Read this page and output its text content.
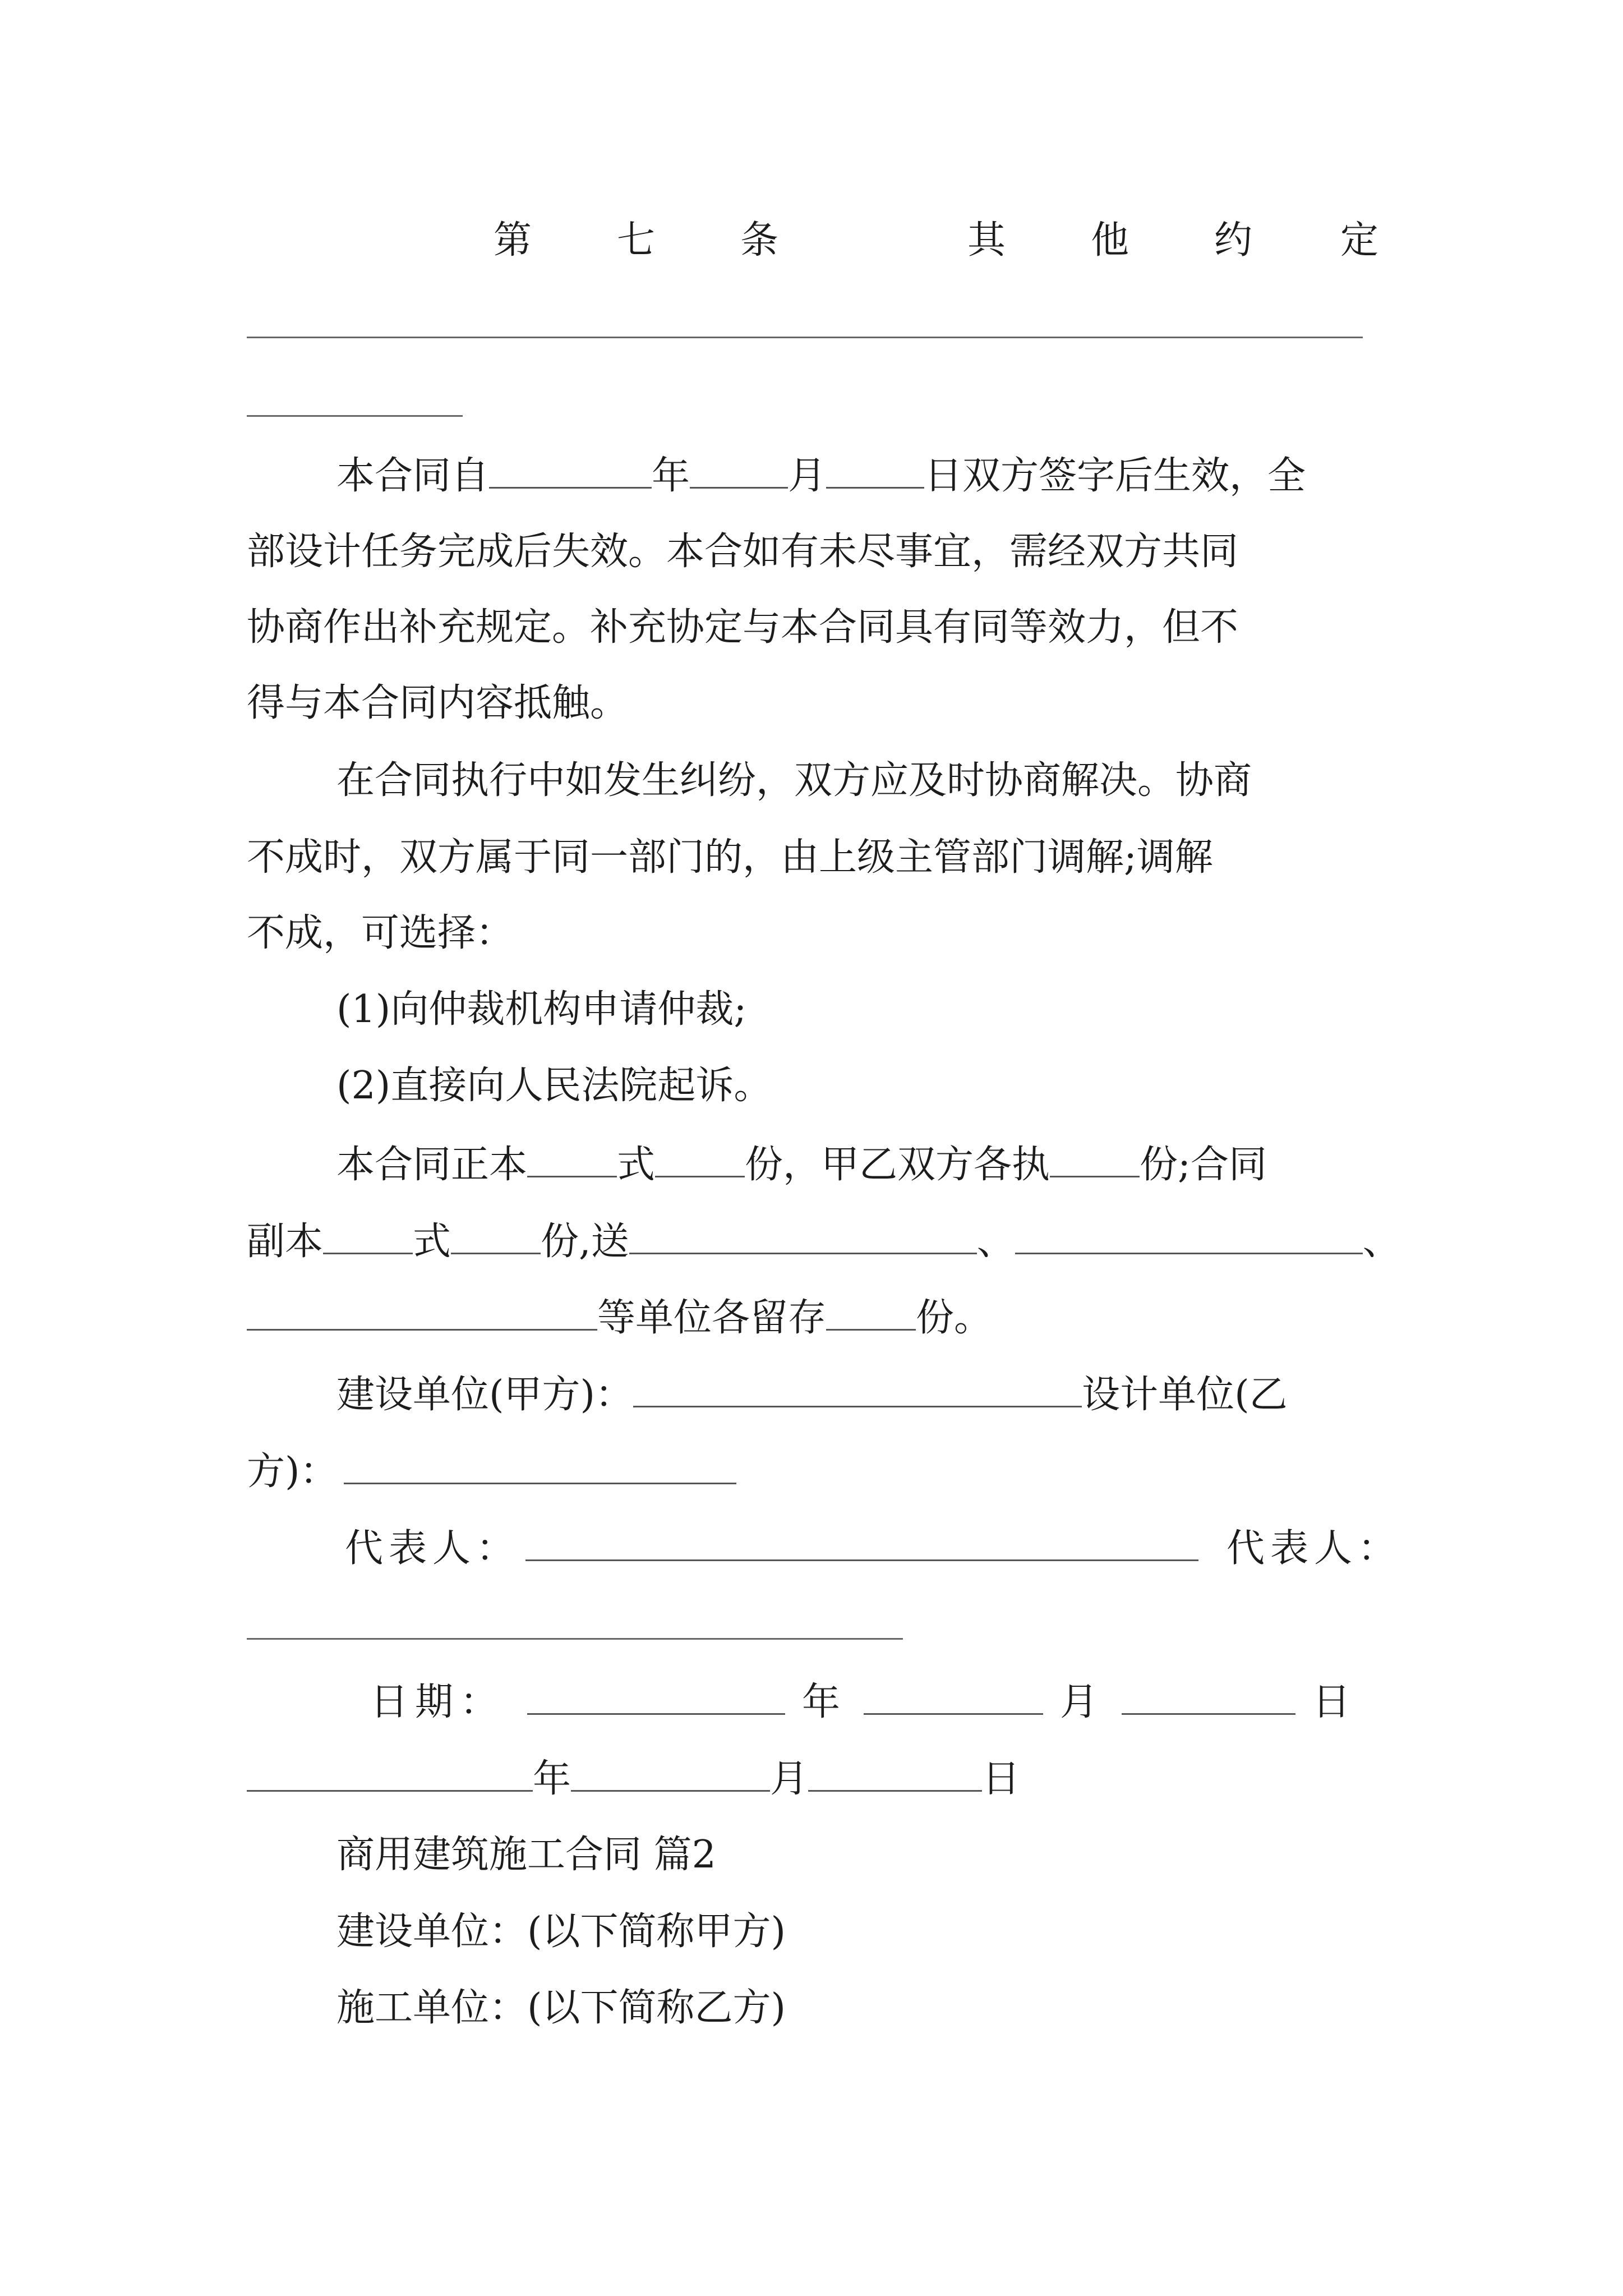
第 七 条	其 他 约 定
本合同自	年	月	日双方签字后生效，全
部设计任务完成后失效。本合如有未尽事宜，需经双方共同
协商作出补充规定。补充协定与本合同具有同等效力，但不
得与本合同内容抵触。
在合同执行中如发生纠纷，双方应及时协商解决。协商
不成时，双方属于同一部门的，由上级主管部门调解;调解
不成，可选择：
(1)向仲裁机构申请仲裁;
(2)直接向人民法院起诉。
本合同正本 式 份，甲乙双方各执 份;合同
副本 式 份,送	、	、
等单位各留存 份。
建设单位(甲方)：	设计单位(乙
方)：
代表人：	代表人：
日期：	年	月	日
年	月	日
商用建筑施工合同 篇2
建设单位：(以下简称甲方)
施工单位：(以下简称乙方)
